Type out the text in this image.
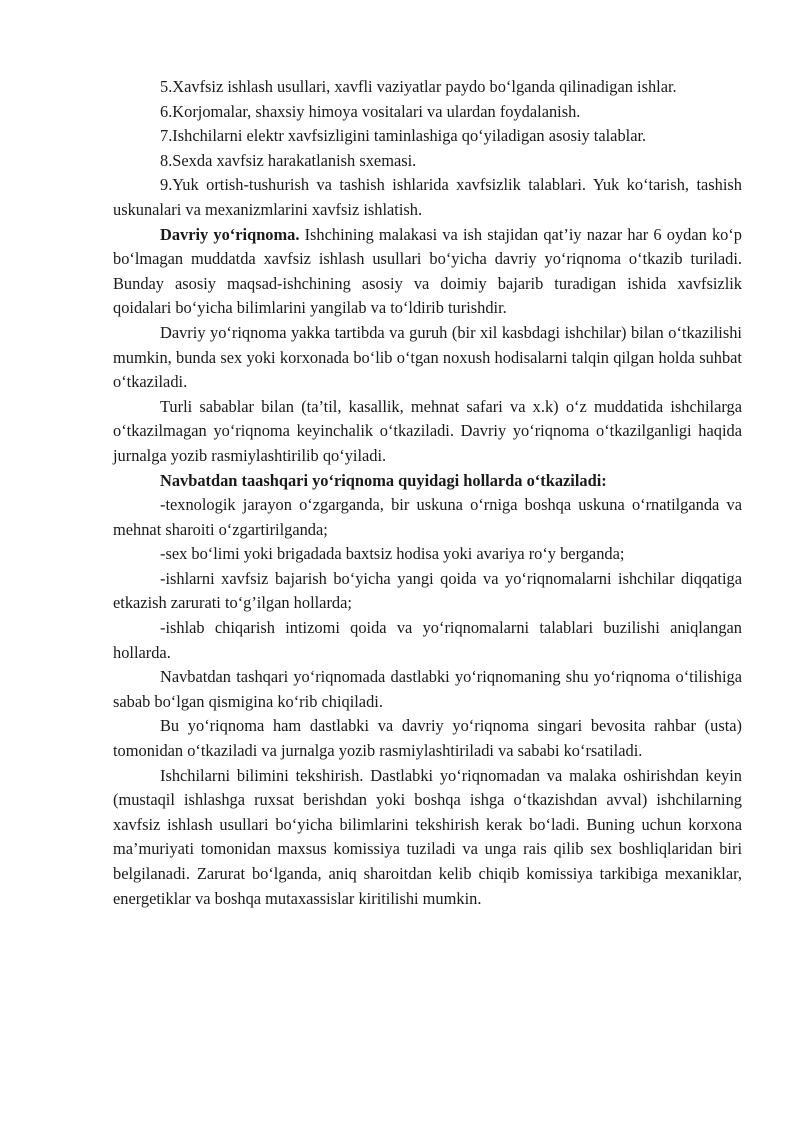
5.Xavfsiz ishlash usullari, xavfli vaziyatlar paydo bo‘lganda qilinadigan ishlar.

6.Korjomalar, shaxsiy himoya vositalari va ulardan foydalanish.

7.Ishchilarni elektr xavfsizligini taminlashiga qo‘yiladigan asosiy talablar.

8.Sexda xavfsiz harakatlanish sxemasi.

9.Yuk ortish-tushurish va tashish ishlarida xavfsizlik talablari. Yuk ko‘tarish, tashish uskunalari va mexanizmlarini xavfsiz ishlatish.

Davriy yo‘riqnoma. Ishchining malakasi va ish stajidan qat’iy nazar har 6 oydan ko‘p bo‘lmagan muddatda xavfsiz ishlash usullari bo‘yicha davriy yo‘riqnoma o‘tkazib turiladi. Bunday asosiy maqsad-ishchining asosiy va doimiy bajarib turadigan ishida xavfsizlik qoidalari bo‘yicha bilimlarini yangilab va to‘ldirib turishdir.

Davriy yo‘riqnoma yakka tartibda va guruh (bir xil kasbdagi ishchilar) bilan o‘tkazilishi mumkin, bunda sex yoki korxonada bo‘lib o‘tgan noxush hodisalarni talqin qilgan holda suhbat o‘tkaziladi.

Turli sabablar bilan (ta’til, kasallik, mehnat safari va x.k) o‘z muddatida ishchilarga o‘tkazilmagan yo‘riqnoma keyinchalik o‘tkaziladi. Davriy yo‘riqnoma o‘tkazilganligi haqida jurnalga yozib rasmiylashtirilib qo‘yiladi.

Navbatdan taashqari yo‘riqnoma quyidagi hollarda o‘tkaziladi:

-texnologik jarayon o‘zgarganda, bir uskuna o‘rniga boshqa uskuna o‘rnatilganda va mehnat sharoiti o‘zgartirilganda;

-sex bo‘limi yoki brigadada baxtsiz hodisa yoki avariya ro‘y berganda;

-ishlarni xavfsiz bajarish bo‘yicha yangi qoida va yo‘riqnomalarni ishchilar diqqatiga etkazish zarurati to‘g’ilgan hollarda;

-ishlab chiqarish intizomi qoida va yo‘riqnomalarni talablari buzilishi aniqlangan hollarda.

Navbatdan tashqari yo‘riqnomada dastlabki yo‘riqnomaning shu yo‘riqnoma o‘tilishiga sabab bo‘lgan qismigina ko‘rib chiqiladi.

Bu yo‘riqnoma ham dastlabki va davriy yo‘riqnoma singari bevosita rahbar (usta) tomonidan o‘tkaziladi va jurnalga yozib rasmiylashtiriladi va sababi ko‘rsatiladi.

Ishchilarni bilimini tekshirish. Dastlabki yo‘riqnomadan va malaka oshirishdan keyin (mustaqil ishlashga ruxsat berishdan yoki boshqa ishga o‘tkazishdan avval) ishchilarning xavfsiz ishlash usullari bo‘yicha bilimlarini tekshirish kerak bo‘ladi. Buning uchun korxona ma’muriyati tomonidan maxsus komissiya tuziladi va unga rais qilib sex boshliqlaridan biri belgilanadi. Zarurat bo‘lganda, aniq sharoitdan kelib chiqib komissiya tarkibiga mexaniklar, energetiklar va boshqa mutaxassislar kiritilishi mumkin.
